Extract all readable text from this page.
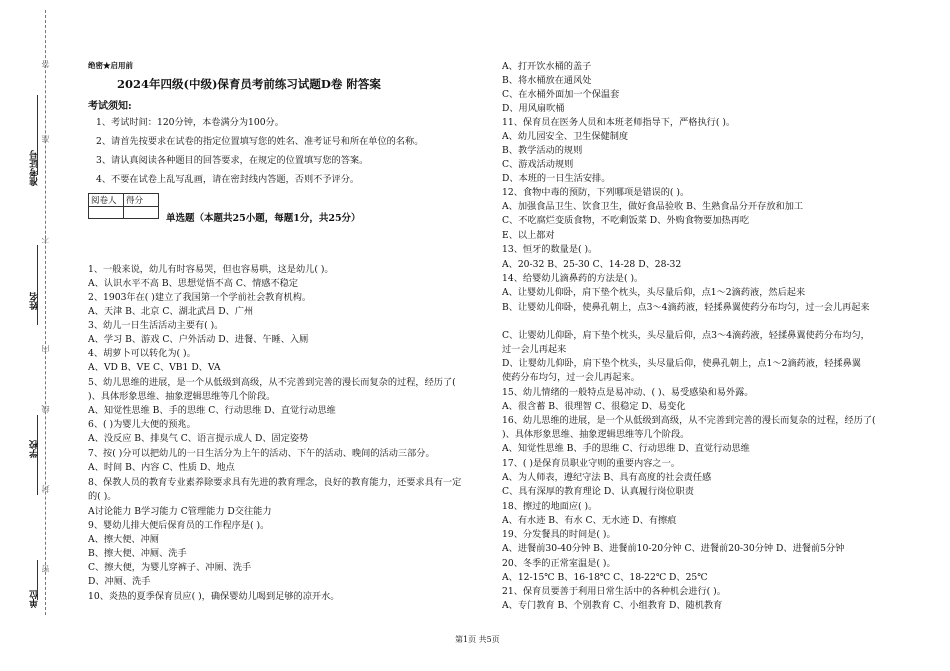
准考证号
姓名
学校
单位
答
准
不
内
线
封
密
绝密★启用前
2024年四级(中级)保育员考前练习试题D卷 附答案
考试须知:
1、考试时间：120分钟，本卷满分为100分。
2、请首先按要求在试卷的指定位置填写您的姓名、准考证号和所在单位的名称。
3、请认真阅读各种题目的回答要求，在规定的位置填写您的答案。
4、不要在试卷上乱写乱画，请在密封线内答题，否则不予评分。
阅卷人	得分

单选题（本题共25小题，每题1分，共25分）
1、一般来说，幼儿有时容易哭，但也容易哄，这是幼儿( )。
A、认识水平不高 B、思想觉悟不高 C、情感不稳定
2、1903年在( )建立了我国第一个学前社会教育机构。
A、天津 B、北京 C、湖北武昌 D、广州
3、幼儿一日生活活动主要有( )。
A、学习 B、游戏 C、户外活动 D、进餐、午睡、入厕
4、胡萝卜可以转化为( )。
A、VD B、VE C、VB1 D、VA
5、幼儿思维的进展，是一个从低级到高级，从不完善到完善的漫长而复杂的过程，经历了(
)、具体形象思维、抽象逻辑思维等几个阶段。
A、知觉性思维 B、手的思维 C、行动思维 D、直觉行动思维
6、( )为婴儿大便的预兆。
A、没反应 B、排臭气 C、语言提示成人 D、固定姿势
7、按( )分可以把幼儿的一日生活分为上午的活动、下午的活动、晚间的活动三部分。
A、时间 B、内容 C、性质 D、地点
8、保教人员的教育专业素养除要求具有先进的教育理念，良好的教育能力，还要求具有一定
的( )。
A讨论能力 B学习能力 C管理能力 D交往能力
9、婴幼儿排大便后保育员的工作程序是( )。
A、擦大便、冲厕
B、擦大便、冲厕、洗手
C、擦大便，为婴儿穿裤子、冲厕、洗手
D、冲厕、洗手
10、炎热的夏季保育员应( )，确保婴幼儿喝到足够的凉开水。
A、打开饮水桶的盖子
B、将水桶放在通风处
C、在水桶外面加一个保温套
D、用风扇吹桶
11、保育员在医务人员和本班老师指导下，严格执行( )。
A、幼儿园安全、卫生保健制度
B、教学活动的规则
C、游戏活动规则
D、本班的一日生活安排。
12、食物中毒的预防，下列哪项是错误的( )。
A、加强食品卫生、饮食卫生，做好食品验收 B、生熟食品分开存放和加工
C、不吃腐烂变质食物，不吃剩饭菜 D、外购食物要加热再吃
E、以上都对
13、恒牙的数量是( )。
A、20-32 B、25-30 C、14-28 D、28-32
14、给婴幼儿滴鼻药的方法是( )。
A、让婴幼儿仰卧，肩下垫个枕头，头尽量后仰，点1～2滴药液，然后起来
B、让婴幼儿仰卧，使鼻孔朝上，点3～4滴药液，轻揉鼻翼使药分布均匀，过一会儿再起来
C、让婴幼儿仰卧，肩下垫个枕头，头尽量后仰，点3～4滴药液，轻揉鼻翼使药分布均匀，
过一会儿再起来
D、让婴幼儿仰卧，肩下垫个枕头，头尽量后仰，使鼻孔朝上，点1～2滴药液，轻揉鼻翼
使药分布均匀，过一会儿再起来。
15、幼儿情绪的一般特点是易冲动、( )、易受感染和易外露。
A、很含蓄 B、很理智 C、很稳定 D、易变化
16、幼儿思维的进展，是一个从低级到高级，从不完善到完善的漫长而复杂的过程，经历了(
)、具体形象思维、抽象逻辑思维等几个阶段。
A、知觉性思维 B、手的思维 C、行动思维 D、直觉行动思维
17、( )是保育员职业守则的重要内容之一。
A、为人师表，遵纪守法 B、具有高度的社会责任感
C、具有深厚的教育理论 D、认真履行岗位职责
18、擦过的地面应( )。
A、有水迹 B、有水 C、无水迹 D、有擦痕
19、分发餐具的时间是( )。
A、进餐前30-40分钟 B、进餐前10-20分钟 C、进餐前20-30分钟 D、进餐前5分钟
20、冬季的正常室温是( )。
A、12-15℃ B、16-18℃ C、18-22℃ D、25℃
21、保育员要善于利用日常生活中的各种机会进行( )。
A、专门教育 B、个别教育 C、小组教育 D、随机教育
第1页 共5页
